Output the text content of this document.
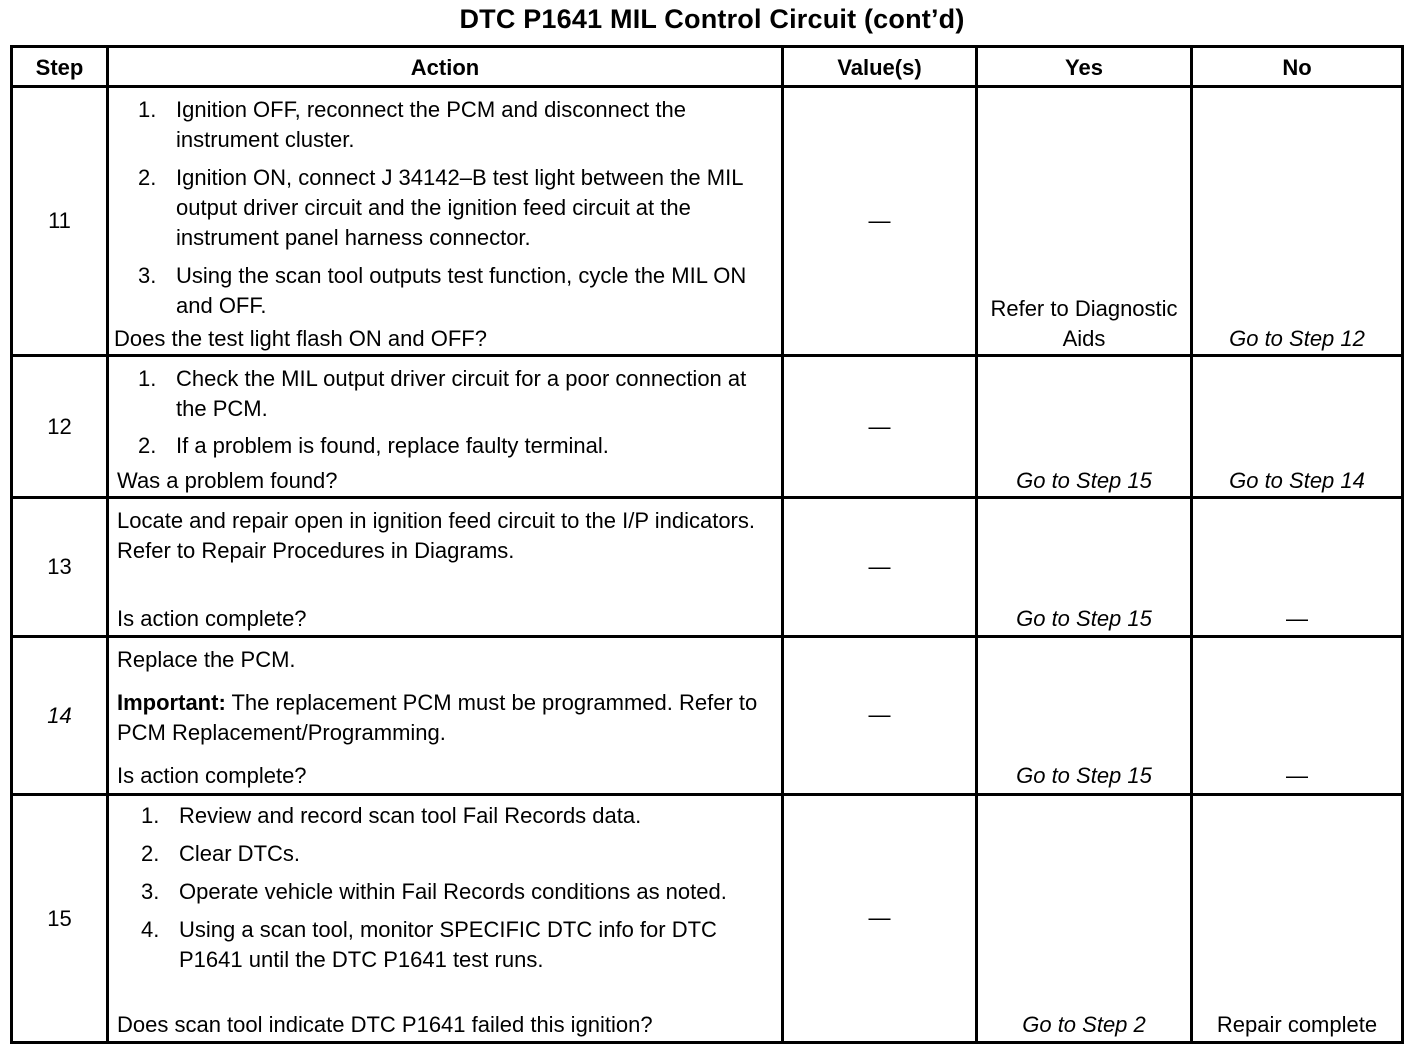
DTC P1641 MIL Control Circuit (cont’d)
Step	Action	Value(s)	Yes	No
11
1. Ignition OFF, reconnect the PCM and disconnect the instrument cluster.
2. Ignition ON, connect J 34142–B test light between the MIL output driver circuit and the ignition feed circuit at the instrument panel harness connector.
3. Using the scan tool outputs test function, cycle the MIL ON and OFF.
Does the test light flash ON and OFF?
—
Refer to Diagnostic Aids	Go to Step 12
12
1. Check the MIL output driver circuit for a poor connection at the PCM.
2. If a problem is found, replace faulty terminal.
Was a problem found?
—
Go to Step 15	Go to Step 14
13
Locate and repair open in ignition feed circuit to the I/P indicators. Refer to Repair Procedures in Diagrams.
Is action complete?
—
Go to Step 15	—
14
Replace the PCM.
Important: The replacement PCM must be programmed. Refer to PCM Replacement/Programming.
Is action complete?
—
Go to Step 15	—
15
1. Review and record scan tool Fail Records data.
2. Clear DTCs.
3. Operate vehicle within Fail Records conditions as noted.
4. Using a scan tool, monitor SPECIFIC DTC info for DTC P1641 until the DTC P1641 test runs.
Does scan tool indicate DTC P1641 failed this ignition?
—
Go to Step 2	Repair complete
